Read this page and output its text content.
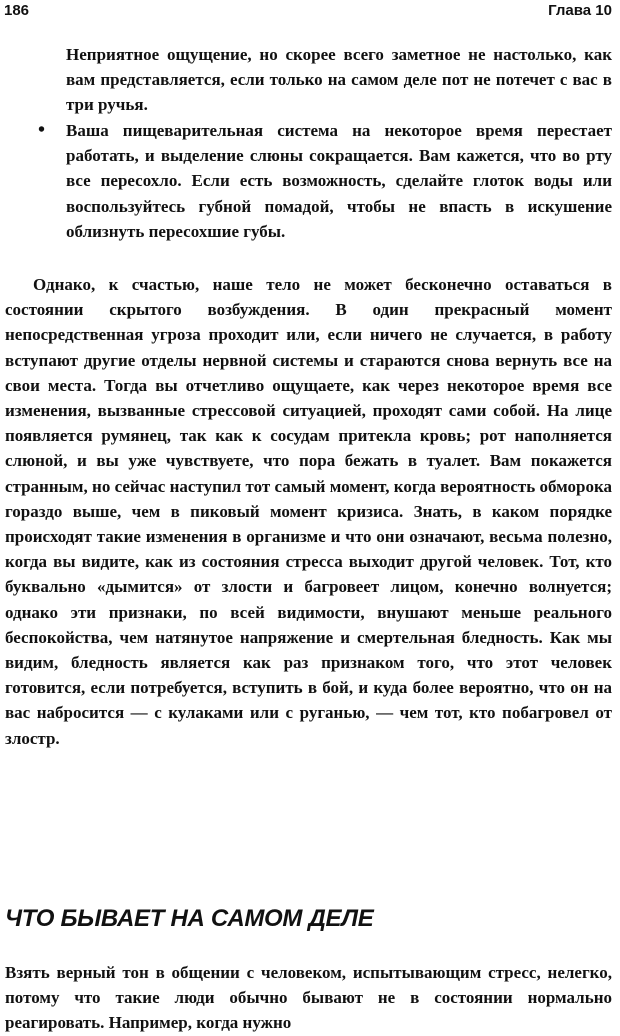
186	Глава 10

Неприятное ощущение, но скорее всего заметное не настолько, как вам представляется, если только на самом деле пот не потечет с вас в три ручья.

• Ваша пищеварительная система на некоторое время перестает работать, и выделение слюны сокращается. Вам кажется, что во рту все пересохло. Если есть возможность, сделайте глоток воды или воспользуйтесь губной помадой, чтобы не впасть в искушение облизнуть пересохшие губы.

Однако, к счастью, наше тело не может бесконечно оставаться в состоянии скрытого возбуждения. В один прекрасный момент непосредственная угроза проходит или, если ничего не случается, в работу вступают другие отделы нервной системы и стараются снова вернуть все на свои места. Тогда вы отчетливо ощущаете, как через некоторое время все изменения, вызванные стрессовой ситуацией, проходят сами собой. На лице появляется румянец, так как к сосудам притекла кровь; рот наполняется слюной, и вы уже чувствуете, что пора бежать в туалет. Вам покажется странным, но сейчас наступил тот самый момент, когда вероятность обморока гораздо выше, чем в пиковый момент кризиса. Знать, в каком порядке происходят такие изменения в организме и что они означают, весьма полезно, когда вы видите, как из состояния стресса выходит другой человек. Тот, кто буквально «дымится» от злости и багровеет лицом, конечно волнуется; однако эти признаки, по всей видимости, внушают меньше реального беспокойства, чем натянутое напряжение и смертельная бледность. Как мы видим, бледность является как раз признаком того, что этот человек готовится, если потребуется, вступить в бой, и куда более вероятно, что он на вас набросится — с кулаками или с руганью, — чем тот, кто побагровел от злостр.

ЧТО БЫВАЕТ НА САМОМ ДЕЛЕ

Взять верный тон в общении с человеком, испытывающим стресс, нелегко, потому что такие люди обычно бывают не в состоянии нормально реагировать. Например, когда нужно
